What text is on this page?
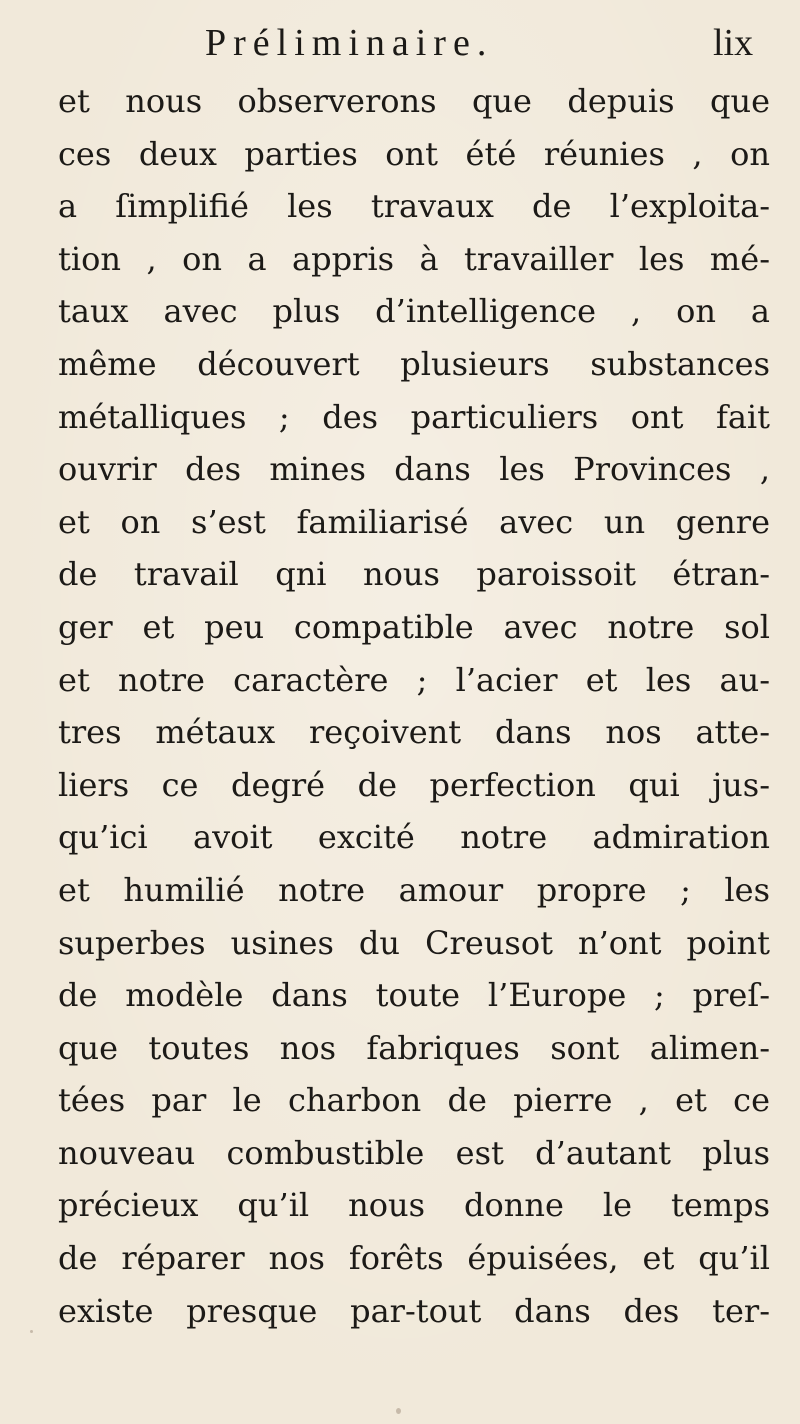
Préliminaire.	lix
et nous observerons que depuis que
ces deux parties ont été réunies , on
a ſimplifié les travaux de l’exploita-
tion , on a appris à travailler les mé-
taux avec plus d’intelligence , on a
même découvert plusieurs substances
métalliques ; des particuliers ont fait
ouvrir des mines dans les Provinces ,
et on s’est familiarisé avec un genre
de travail qni nous paroissoit étran-
ger et peu compatible avec notre sol
et notre caractère ; l’acier et les au-
tres métaux reçoivent dans nos atte-
liers ce degré de perfection qui jus-
qu’ici avoit excité notre admiration
et humilié notre amour propre ; les
superbes usines du Creusot n’ont point
de modèle dans toute l’Europe ; preſ-
que toutes nos fabriques sont alimen-
tées par le charbon de pierre , et ce
nouveau combustible est d’autant plus
précieux qu’il nous donne le temps
de réparer nos forêts épuisées, et qu’il
existe presque par-tout dans des ter-
